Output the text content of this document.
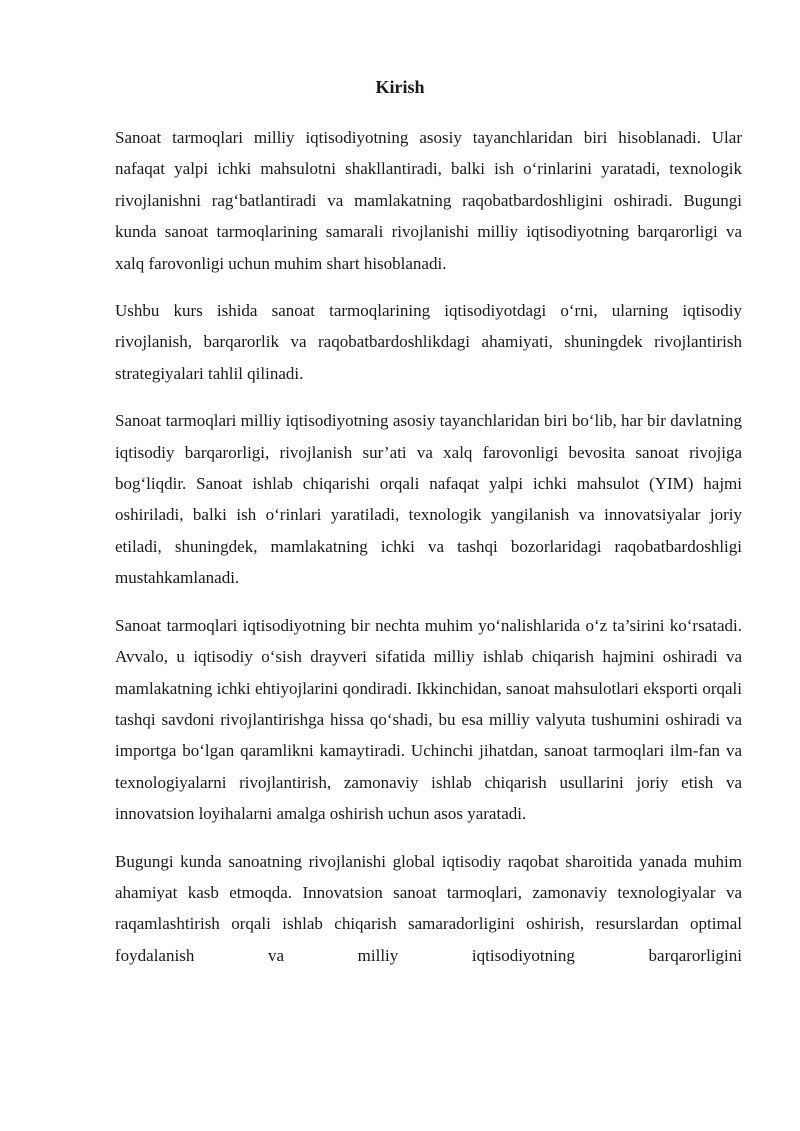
Kirish

Sanoat tarmoqlari milliy iqtisodiyotning asosiy tayanchlaridan biri hisoblanadi. Ular nafaqat yalpi ichki mahsulotni shakllantiradi, balki ish o‘rinlarini yaratadi, texnologik rivojlanishni rag‘batlantiradi va mamlakatning raqobatbardoshligini oshiradi. Bugungi kunda sanoat tarmoqlarining samarali rivojlanishi milliy iqtisodiyotning barqarorligi va xalq farovonligi uchun muhim shart hisoblanadi.

Ushbu kurs ishida sanoat tarmoqlarining iqtisodiyotdagi o‘rni, ularning iqtisodiy rivojlanish, barqarorlik va raqobatbardoshlikdagi ahamiyati, shuningdek rivojlantirish strategiyalari tahlil qilinadi.

Sanoat tarmoqlari milliy iqtisodiyotning asosiy tayanchlaridan biri bo‘lib, har bir davlatning iqtisodiy barqarorligi, rivojlanish sur’ati va xalq farovonligi bevosita sanoat rivojiga bog‘liqdir. Sanoat ishlab chiqarishi orqali nafaqat yalpi ichki mahsulot (YIM) hajmi oshiriladi, balki ish o‘rinlari yaratiladi, texnologik yangilanish va innovatsiyalar joriy etiladi, shuningdek, mamlakatning ichki va tashqi bozorlaridagi raqobatbardoshligi mustahkamlanadi.

Sanoat tarmoqlari iqtisodiyotning bir nechta muhim yo‘nalishlarida o‘z ta’sirini ko‘rsatadi. Avvalo, u iqtisodiy o‘sish drayveri sifatida milliy ishlab chiqarish hajmini oshiradi va mamlakatning ichki ehtiyojlarini qondiradi. Ikkinchidan, sanoat mahsulotlari eksporti orqali tashqi savdoni rivojlantirishga hissa qo‘shadi, bu esa milliy valyuta tushumini oshiradi va importga bo‘lgan qaramlikni kamaytiradi. Uchinchi jihatdan, sanoat tarmoqlari ilm-fan va texnologiyalarni rivojlantirish, zamonaviy ishlab chiqarish usullarini joriy etish va innovatsion loyihalarni amalga oshirish uchun asos yaratadi.

Bugungi kunda sanoatning rivojlanishi global iqtisodiy raqobat sharoitida yanada muhim ahamiyat kasb etmoqda. Innovatsion sanoat tarmoqlari, zamonaviy texnologiyalar va raqamlashtirish orqali ishlab chiqarish samaradorligini oshirish, resurslardan optimal foydalanish va milliy iqtisodiyotning barqarorligini
